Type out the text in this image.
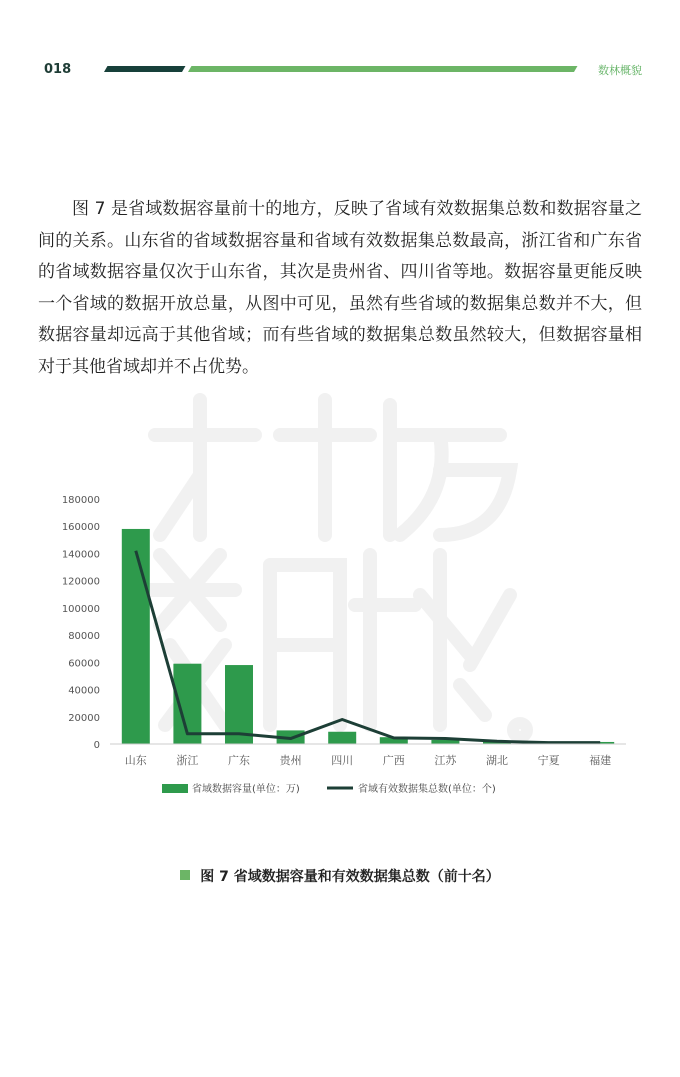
018	数林概貌

图 7 是省域数据容量前十的地方，反映了省域有效数据集总数和数据容量之间的关系。山东省的省域数据容量和省域有效数据集总数最高，浙江省和广东省的省域数据容量仅次于山东省，其次是贵州省、四川省等地。数据容量更能反映一个省域的数据开放总量，从图中可见，虽然有些省域的数据集总数并不大，但数据容量却远高于其他省域；而有些省域的数据集总数虽然较大，但数据容量相对于其他省域却并不占优势。

0
20000
40000
60000
80000
100000
120000
140000
160000
180000
山东	浙江	广东	贵州	四川	广西	江苏	湖北	宁夏	福建
省域数据容量(单位：万)	省域有效数据集总数(单位：个)
图 7 省域数据容量和有效数据集总数（前十名）
